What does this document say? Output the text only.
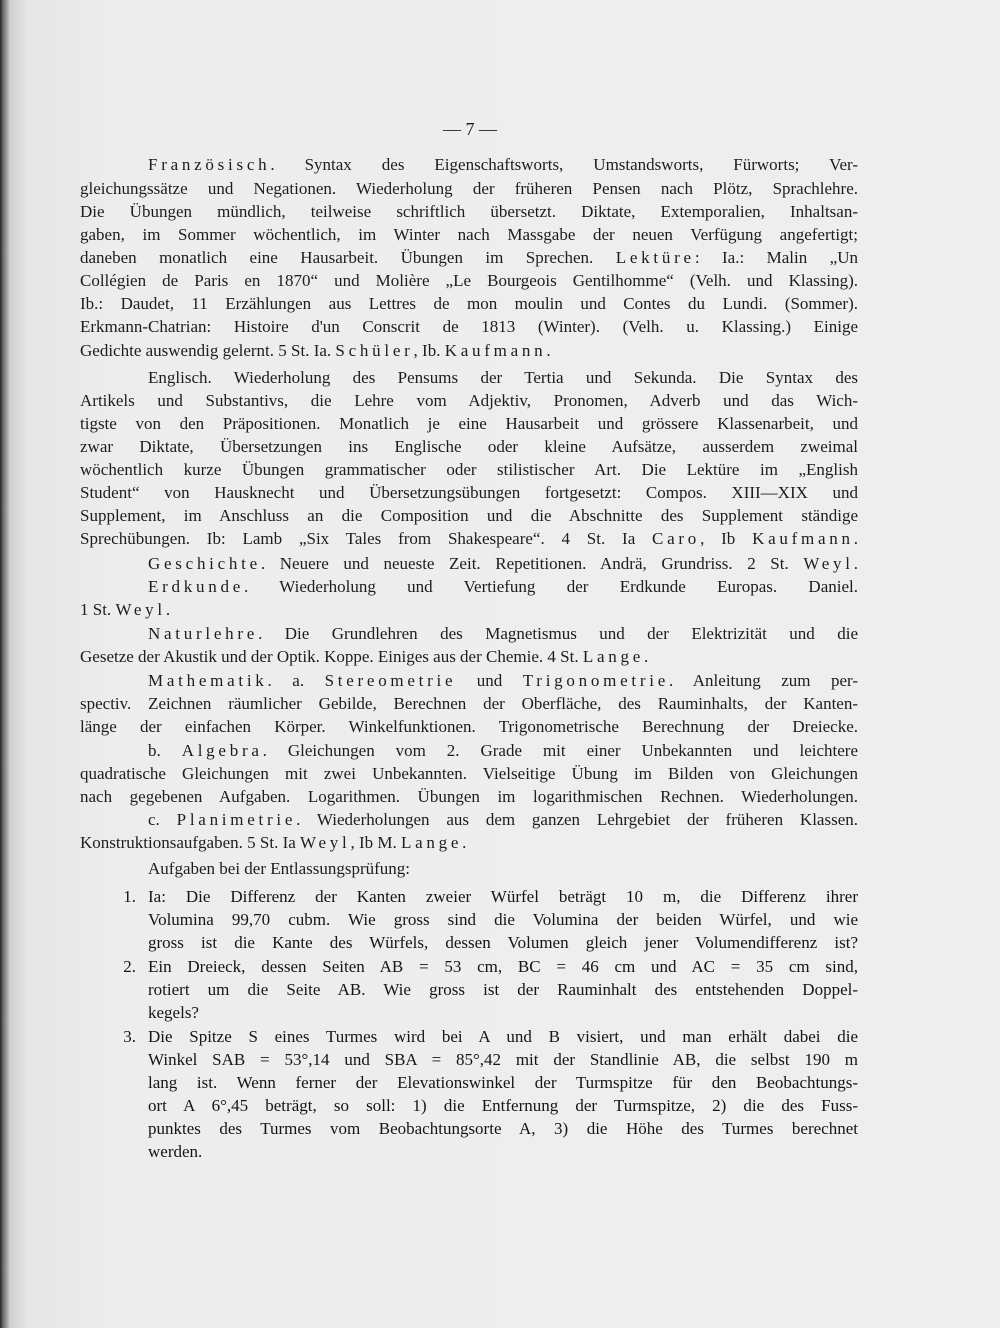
— 7 —
Französisch. Syntax des Eigenschaftsworts, Umstandsworts, Fürworts; Ver-
gleichungssätze und Negationen. Wiederholung der früheren Pensen nach Plötz, Sprachlehre.
Die Übungen mündlich, teilweise schriftlich übersetzt. Diktate, Extemporalien, Inhaltsan-
gaben, im Sommer wöchentlich, im Winter nach Massgabe der neuen Verfügung angefertigt;
daneben monatlich eine Hausarbeit. Übungen im Sprechen. Lektüre: Ia.: Malin „Un
Collégien de Paris en 1870“ und Molière „Le Bourgeois Gentilhomme“ (Velh. und Klassing).
Ib.: Daudet, 11 Erzählungen aus Lettres de mon moulin und Contes du Lundi. (Sommer).
Erkmann-Chatrian: Histoire d'un Conscrit de 1813 (Winter). (Velh. u. Klassing.) Einige
Gedichte auswendig gelernt. 5 St. Ia. Schüler, Ib. Kaufmann.
Englisch. Wiederholung des Pensums der Tertia und Sekunda. Die Syntax des
Artikels und Substantivs, die Lehre vom Adjektiv, Pronomen, Adverb und das Wich-
tigste von den Präpositionen. Monatlich je eine Hausarbeit und grössere Klassenarbeit, und
zwar Diktate, Übersetzungen ins Englische oder kleine Aufsätze, ausserdem zweimal
wöchentlich kurze Übungen grammatischer oder stilistischer Art. Die Lektüre im „English
Student“ von Hausknecht und Übersetzungsübungen fortgesetzt: Compos. XIII—XIX und
Supplement, im Anschluss an die Composition und die Abschnitte des Supplement ständige
Sprechübungen. Ib: Lamb „Six Tales from Shakespeare“. 4 St. Ia Caro, Ib Kaufmann.
Geschichte. Neuere und neueste Zeit. Repetitionen. Andrä, Grundriss. 2 St. Weyl.
Erdkunde. Wiederholung und Vertiefung der Erdkunde Europas. Daniel.
1 St. Weyl.
Naturlehre. Die Grundlehren des Magnetismus und der Elektrizität und die
Gesetze der Akustik und der Optik. Koppe. Einiges aus der Chemie. 4 St. Lange.
Mathematik. a. Stereometrie und Trigonometrie. Anleitung zum per-
spectiv. Zeichnen räumlicher Gebilde, Berechnen der Oberfläche, des Rauminhalts, der Kanten-
länge der einfachen Körper. Winkelfunktionen. Trigonometrische Berechnung der Dreiecke.
b. Algebra. Gleichungen vom 2. Grade mit einer Unbekannten und leichtere
quadratische Gleichungen mit zwei Unbekannten. Vielseitige Übung im Bilden von Gleichungen
nach gegebenen Aufgaben. Logarithmen. Übungen im logarithmischen Rechnen. Wiederholungen.
c. Planimetrie. Wiederholungen aus dem ganzen Lehrgebiet der früheren Klassen.
Konstruktionsaufgaben. 5 St. Ia Weyl, Ib M. Lange.
Aufgaben bei der Entlassungsprüfung:
1. Ia: Die Differenz der Kanten zweier Würfel beträgt 10 m, die Differenz ihrer
Volumina 99,70 cubm. Wie gross sind die Volumina der beiden Würfel, und wie
gross ist die Kante des Würfels, dessen Volumen gleich jener Volumendifferenz ist?
2. Ein Dreieck, dessen Seiten AB = 53 cm, BC = 46 cm und AC = 35 cm sind,
rotiert um die Seite AB. Wie gross ist der Rauminhalt des entstehenden Doppel-
kegels?
3. Die Spitze S eines Turmes wird bei A und B visiert, und man erhält dabei die
Winkel SAB = 53°,14 und SBA = 85°,42 mit der Standlinie AB, die selbst 190 m
lang ist. Wenn ferner der Elevationswinkel der Turmspitze für den Beobachtungs-
ort A 6°,45 beträgt, so soll: 1) die Entfernung der Turmspitze, 2) die des Fuss-
punktes des Turmes vom Beobachtungsorte A, 3) die Höhe des Turmes berechnet
werden.
